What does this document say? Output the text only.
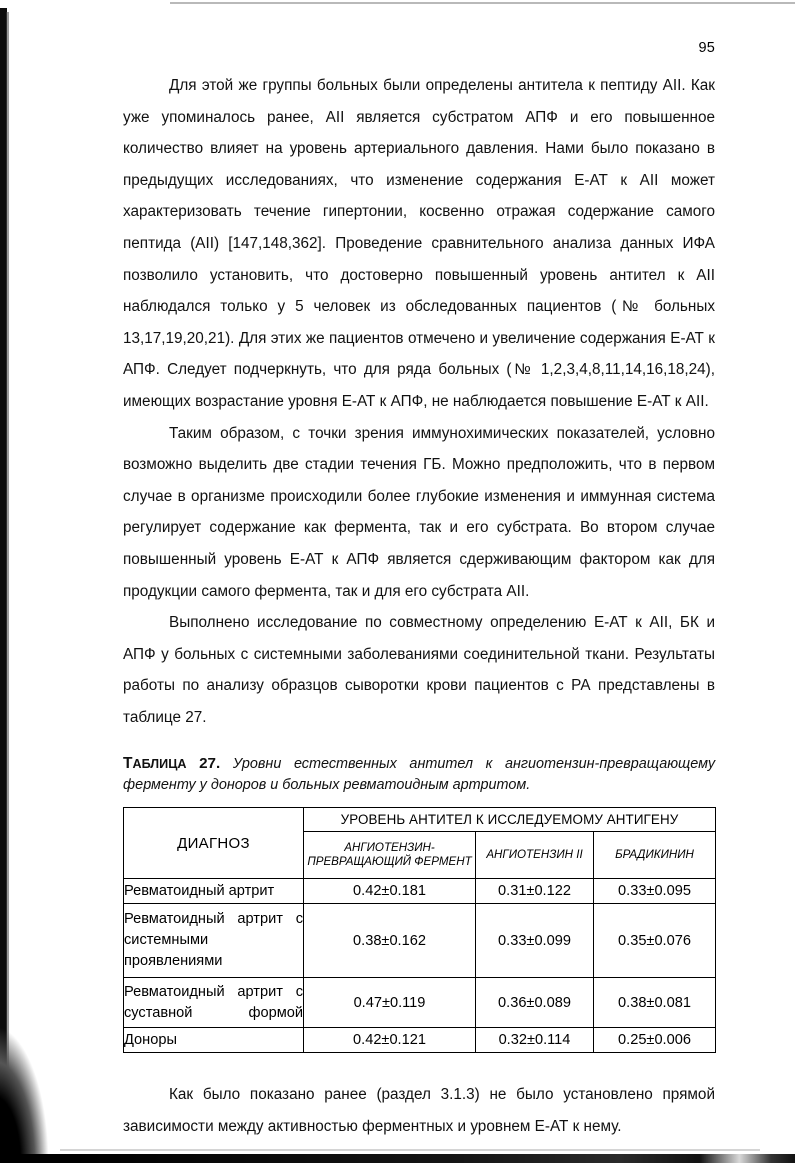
95

Для этой же группы больных были определены антитела к пептиду АII. Как уже упоминалось ранее, АII является субстратом АПФ и его повышенное количество влияет на уровень артериального давления. Нами было показано в предыдущих исследованиях, что изменение содержания Е-АТ к АII может характеризовать течение гипертонии, косвенно отражая содержание самого пептида (АII) [147,148,362]. Проведение сравнительного анализа данных ИФА позволило установить, что достоверно повышенный уровень антител к АII наблюдался только у 5 человек из обследованных пациентов (№ больных 13,17,19,20,21). Для этих же пациентов отмечено и увеличение содержания Е-АТ к АПФ. Следует подчеркнуть, что для ряда больных (№ 1,2,3,4,8,11,14,16,18,24), имеющих возрастание уровня Е-АТ к АПФ, не наблюдается повышение Е-АТ к АII.

Таким образом, с точки зрения иммунохимических показателей, условно возможно выделить две стадии течения ГБ. Можно предположить, что в первом случае в организме происходили более глубокие изменения и иммунная система регулирует содержание как фермента, так и его субстрата. Во втором случае повышенный уровень Е-АТ к АПФ является сдерживающим фактором как для продукции самого фермента, так и для его субстрата АII.

Выполнено исследование по совместному определению Е-АТ к АII, БК и АПФ у больных с системными заболеваниями соединительной ткани. Результаты работы по анализу образцов сыворотки крови пациентов с РА представлены в таблице 27.

ТАБЛИЦА 27. Уровни естественных антител к ангиотензин-превращающему ферменту у доноров и больных ревматоидным артритом.
ДИАГНОЗ	УРОВЕНЬ АНТИТЕЛ К ИССЛЕДУЕМОМУ АНТИГЕНУ		
	АНГИОТЕНЗИН-ПРЕВРАЩАЮЩИЙ ФЕРМЕНТ	АНГИОТЕНЗИН II	БРАДИКИНИН
Ревматоидный артрит	0.42±0.181	0.31±0.122	0.33±0.095
Ревматоидный артрит с системными проявлениями	0.38±0.162	0.33±0.099	0.35±0.076
Ревматоидный артрит с суставной формой	0.47±0.119	0.36±0.089	0.38±0.081
Доноры	0.42±0.121	0.32±0.114	0.25±0.006

Как было показано ранее (раздел 3.1.3) не было установлено прямой зависимости между активностью ферментных и уровнем Е-АТ к нему.
